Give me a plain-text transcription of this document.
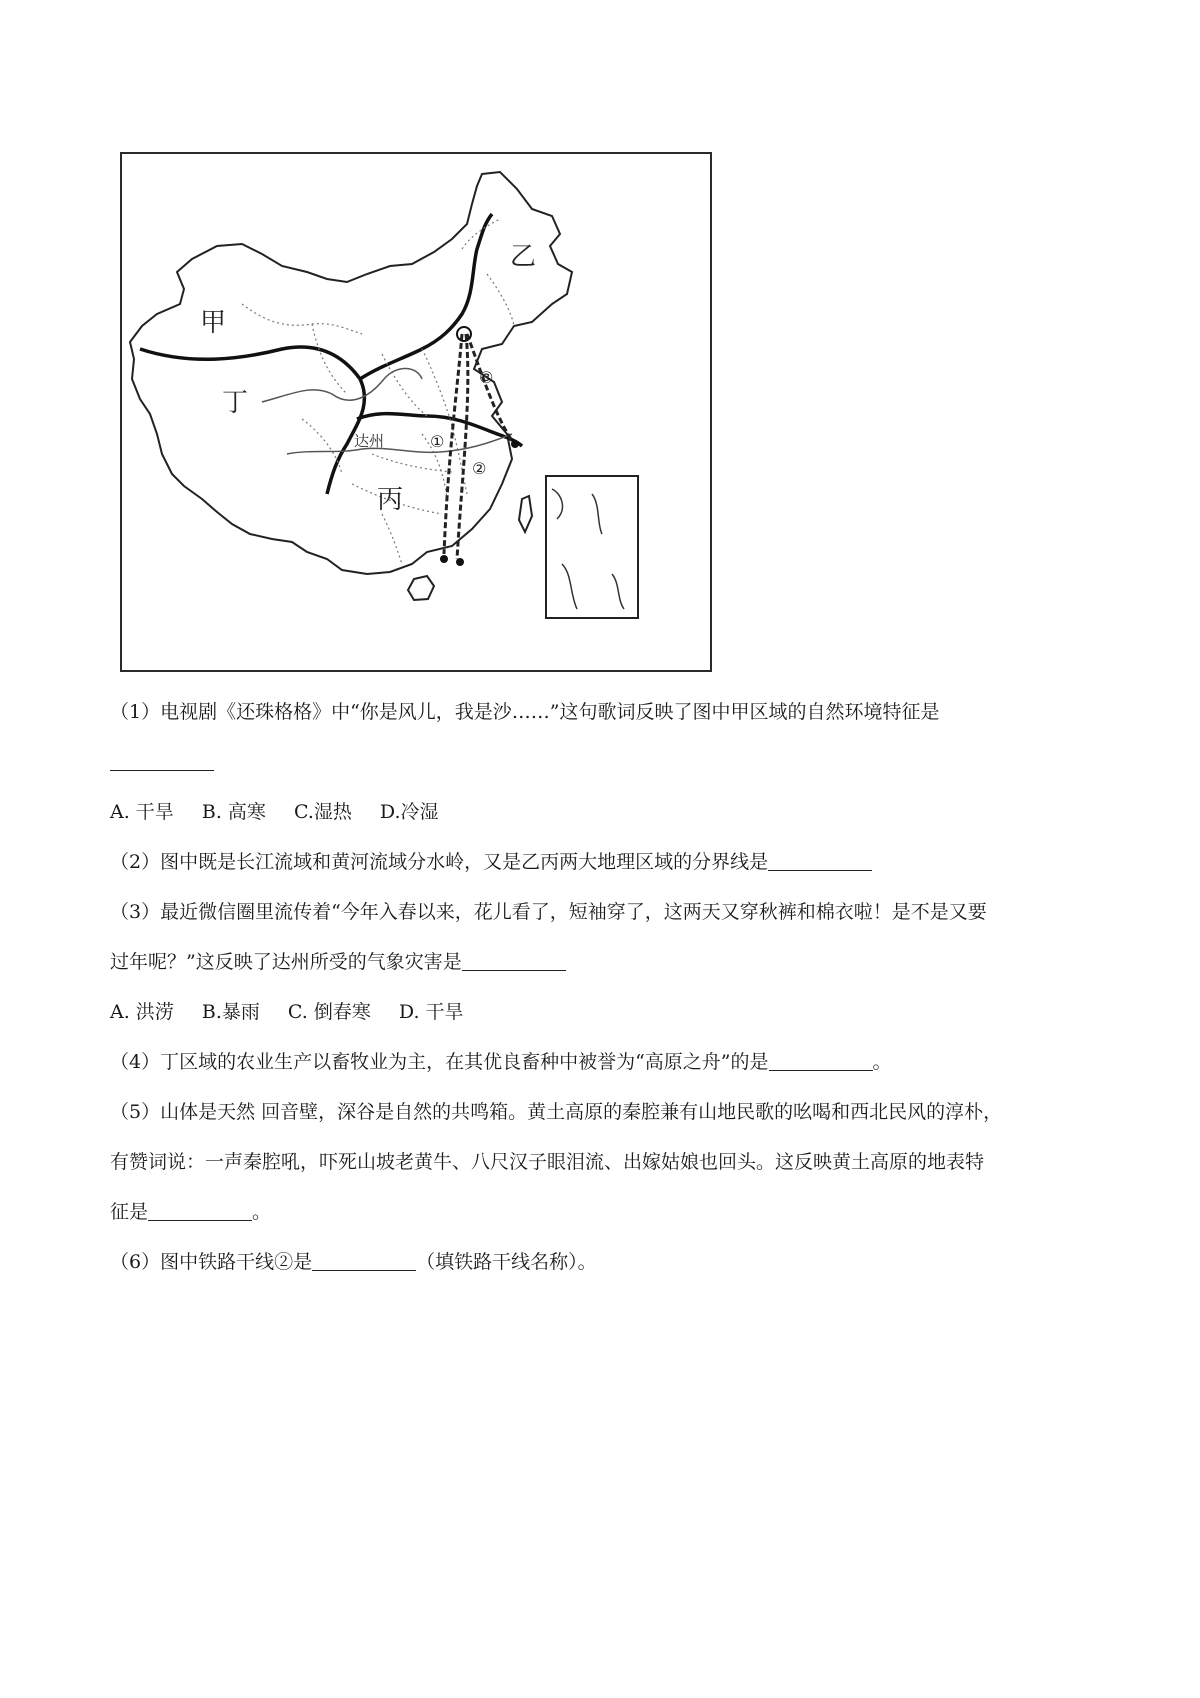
甲
乙
丙
丁
达州	①
②
③

（1）电视剧《还珠格格》中“你是风儿，我是沙……”这句歌词反映了图中甲区域的自然环境特征是

A. 干旱 B. 高寒 C.湿热 D.冷湿

（2）图中既是长江流域和黄河流域分水岭，又是乙丙两大地理区域的分界线是

（3）最近微信圈里流传着“今年入春以来，花儿看了，短袖穿了，这两天又穿秋裤和棉衣啦！是不是又要

过年呢？”这反映了达州所受的气象灾害是

A. 洪涝 B.暴雨 C. 倒春寒 D. 干旱

（4）丁区域的农业生产以畜牧业为主，在其优良畜种中被誉为“高原之舟”的是	。

（5）山体是天然 回音壁，深谷是自然的共鸣箱。黄土高原的秦腔兼有山地民歌的吆喝和西北民风的淳朴，

有赞词说：一声秦腔吼，吓死山坡老黄牛、八尺汉子眼泪流、出嫁姑娘也回头。这反映黄土高原的地表特

征是	。

（6）图中铁路干线②是	（填铁路干线名称）。
